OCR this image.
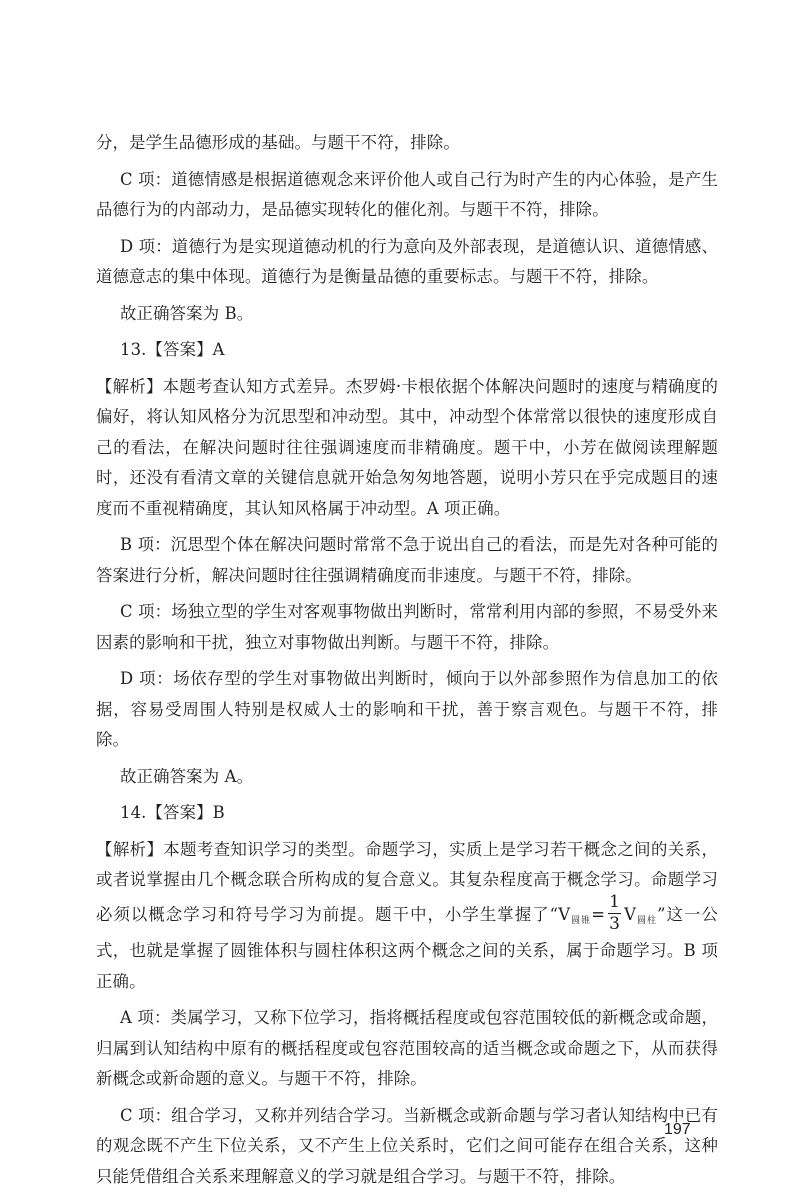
分，是学生品德形成的基础。与题干不符，排除。

C 项：道德情感是根据道德观念来评价他人或自己行为时产生的内心体验，是产生品德行为的内部动力，是品德实现转化的催化剂。与题干不符，排除。

D 项：道德行为是实现道德动机的行为意向及外部表现，是道德认识、道德情感、道德意志的集中体现。道德行为是衡量品德的重要标志。与题干不符，排除。

故正确答案为 B。

13.【答案】A

【解析】本题考查认知方式差异。杰罗姆·卡根依据个体解决问题时的速度与精确度的偏好，将认知风格分为沉思型和冲动型。其中，冲动型个体常常以很快的速度形成自己的看法，在解决问题时往往强调速度而非精确度。题干中，小芳在做阅读理解题时，还没有看清文章的关键信息就开始急匆匆地答题，说明小芳只在乎完成题目的速度而不重视精确度，其认知风格属于冲动型。A 项正确。

B 项：沉思型个体在解决问题时常常不急于说出自己的看法，而是先对各种可能的答案进行分析，解决问题时往往强调精确度而非速度。与题干不符，排除。

C 项：场独立型的学生对客观事物做出判断时，常常利用内部的参照，不易受外来因素的影响和干扰，独立对事物做出判断。与题干不符，排除。

D 项：场依存型的学生对事物做出判断时，倾向于以外部参照作为信息加工的依据，容易受周围人特别是权威人士的影响和干扰，善于察言观色。与题干不符，排除。

故正确答案为 A。

14.【答案】B

【解析】本题考查知识学习的类型。命题学习，实质上是学习若干概念之间的关系，或者说掌握由几个概念联合所构成的复合意义。其复杂程度高于概念学习。命题学习必须以概念学习和符号学习为前提。题干中，小学生掌握了“$V_{圆锥}= \frac{1}{3} V_{圆柱}$”这一公式，也就是掌握了圆锥体积与圆柱体积这两个概念之间的关系，属于命题学习。B 项正确。

A 项：类属学习，又称下位学习，指将概括程度或包容范围较低的新概念或命题，归属到认知结构中原有的概括程度或包容范围较高的适当概念或命题之下，从而获得新概念或新命题的意义。与题干不符，排除。

C 项：组合学习，又称并列结合学习。当新概念或新命题与学习者认知结构中已有的观念既不产生下位关系，又不产生上位关系时，它们之间可能存在组合关系，这种只能凭借组合关系来理解意义的学习就是组合学习。与题干不符，排除。

197
